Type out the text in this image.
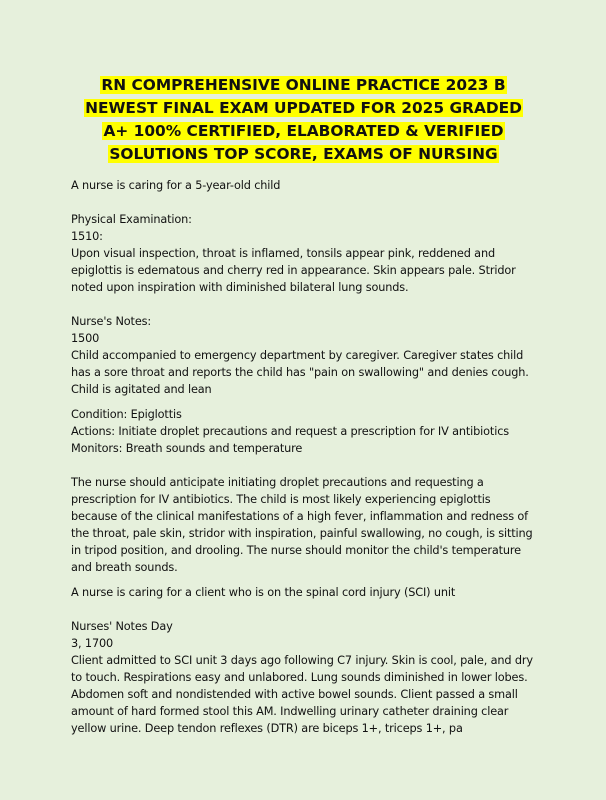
RN COMPREHENSIVE ONLINE PRACTICE 2023 B NEWEST FINAL EXAM UPDATED FOR 2025 GRADED A+ 100% CERTIFIED, ELABORATED & VERIFIED SOLUTIONS TOP SCORE, EXAMS OF NURSING

A nurse is caring for a 5-year-old child

Physical Examination:

1510:

Upon visual inspection, throat is inflamed, tonsils appear pink, reddened and epiglottis is edematous and cherry red in appearance. Skin appears pale. Stridor noted upon inspiration with diminished bilateral lung sounds.

Nurse's Notes:

1500

Child accompanied to emergency department by caregiver. Caregiver states child has a sore throat and reports the child has "pain on swallowing" and denies cough. Child is agitated and lean

Condition: Epiglottis

Actions: Initiate droplet precautions and request a prescription for IV antibiotics Monitors: Breath sounds and temperature

The nurse should anticipate initiating droplet precautions and requesting a prescription for IV antibiotics. The child is most likely experiencing epiglottis because of the clinical manifestations of a high fever, inflammation and redness of the throat, pale skin, stridor with inspiration, painful swallowing, no cough, is sitting in tripod position, and drooling. The nurse should monitor the child's temperature and breath sounds.

A nurse is caring for a client who is on the spinal cord injury (SCI) unit

Nurses' Notes Day

3, 1700

Client admitted to SCI unit 3 days ago following C7 injury. Skin is cool, pale, and dry to touch. Respirations easy and unlabored. Lung sounds diminished in lower lobes. Abdomen soft and nondistended with active bowel sounds. Client passed a small amount of hard formed stool this AM. Indwelling urinary catheter draining clear yellow urine. Deep tendon reflexes (DTR) are biceps 1+, triceps 1+, pa
